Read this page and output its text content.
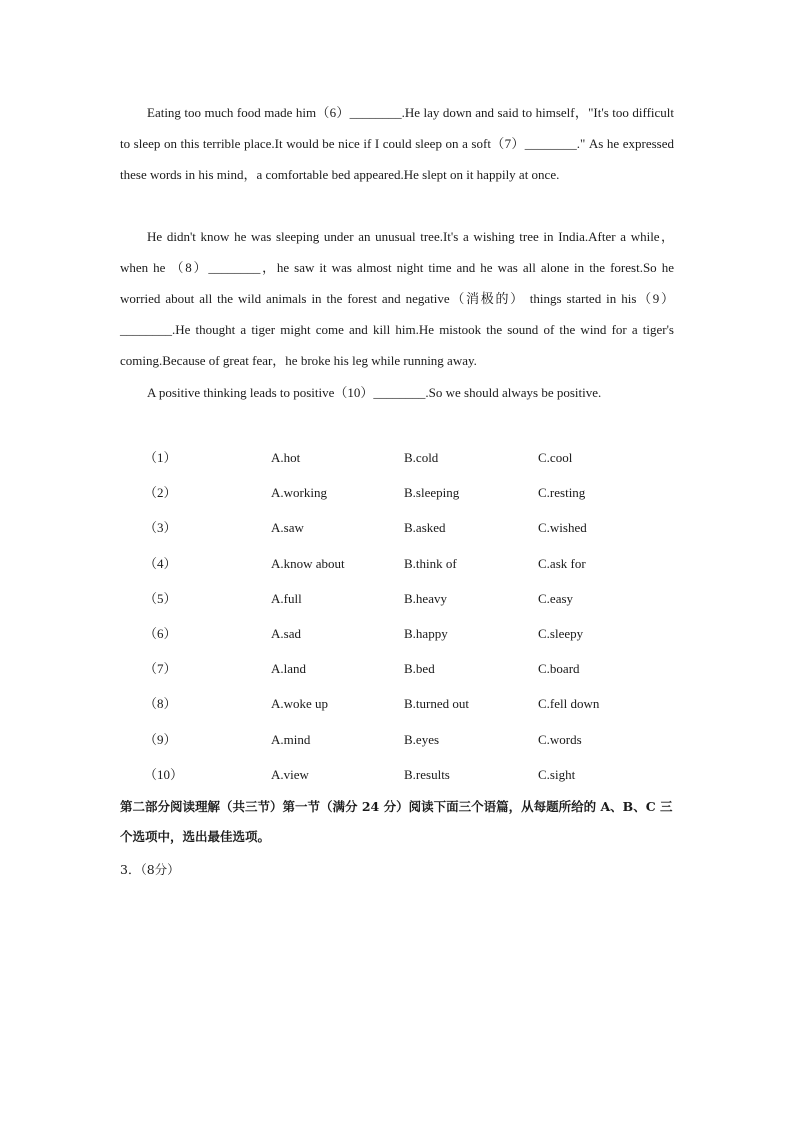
Eating too much food made him（6）________.He lay down and said to himself，"It's too difficult to sleep on this terrible place.It would be nice if I could sleep on a soft（7）________." As he expressed these words in his mind，a comfortable bed appeared.He slept on it happily at once.

He didn't know he was sleeping under an unusual tree.It's a wishing tree in India.After a while，when he （8）________，he saw it was almost night time and he was all alone in the forest.So he worried about all the wild animals in the forest and negative（消极的） things started in his（9）________.He thought a tiger might come and kill him.He mistook the sound of the wind for a tiger's coming.Because of great fear，he broke his leg while running away.

A positive thinking leads to positive（10）________.So we should always be positive.

（1）	A.hot	B.cold	C.cool
（2）	A.working	B.sleeping	C.resting
（3）	A.saw	B.asked	C.wished
（4）	A.know about	B.think of	C.ask for
（5）	A.full	B.heavy	C.easy
（6）	A.sad	B.happy	C.sleepy
（7）	A.land	B.bed	C.board
（8）	A.woke up	B.turned out	C.fell down
（9）	A.mind	B.eyes	C.words
（10）	A.view	B.results	C.sight

第二部分阅读理解（共三节）第一节（满分 24 分）阅读下面三个语篇，从每题所给的 A、B、C 三个选项中，选出最佳选项。

3．（8分）
